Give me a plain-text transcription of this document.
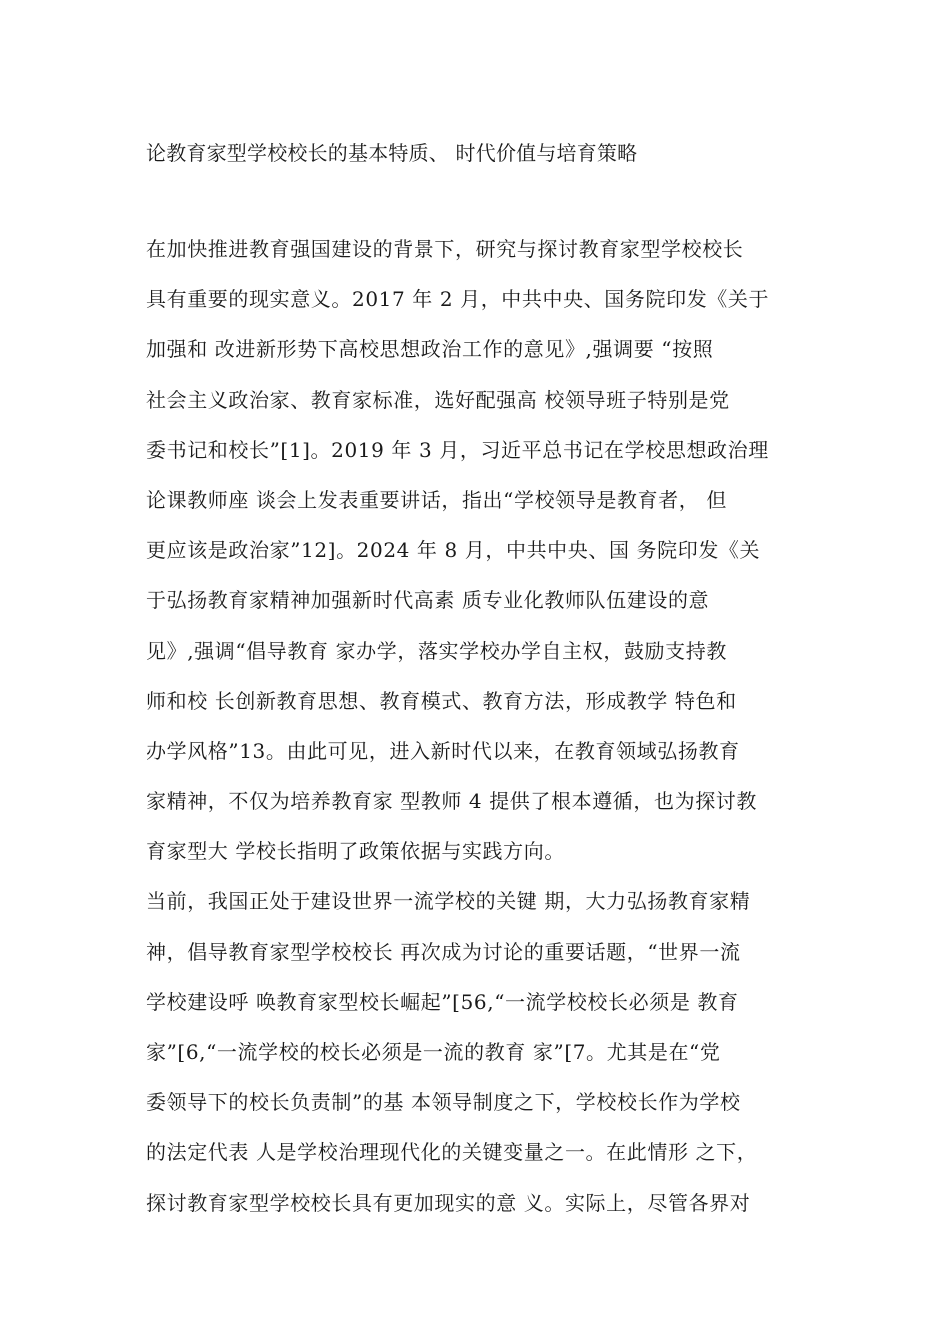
论教育家型学校校长的基本特质、 时代价值与培育策略
在加快推进教育强国建设的背景下，研究与探讨教育家型学校校长
具有重要的现实意义。2017 年 2 月，中共中央、国务院印发《关于
加强和 改进新形势下高校思想政治工作的意见》,强调要 “按照
社会主义政治家、教育家标准，选好配强高 校领导班子特别是党
委书记和校长”[1]。2019 年 3 月，习近平总书记在学校思想政治理
论课教师座 谈会上发表重要讲话，指出“学校领导是教育者， 但
更应该是政治家”12]。2024 年 8 月，中共中央、国 务院印发《关
于弘扬教育家精神加强新时代高素 质专业化教师队伍建设的意
见》,强调“倡导教育 家办学，落实学校办学自主权，鼓励支持教
师和校 长创新教育思想、教育模式、教育方法，形成教学 特色和
办学风格”13。由此可见，进入新时代以来，在教育领域弘扬教育
家精神，不仅为培养教育家 型教师 4 提供了根本遵循，也为探讨教
育家型大 学校长指明了政策依据与实践方向。
当前，我国正处于建设世界一流学校的关键 期，大力弘扬教育家精
神，倡导教育家型学校校长 再次成为讨论的重要话题，“世界一流
学校建设呼 唤教育家型校长崛起”[56,“一流学校校长必须是 教育
家”[6,“一流学校的校长必须是一流的教育 家”[7。尤其是在“党
委领导下的校长负责制”的基 本领导制度之下，学校校长作为学校
的法定代表 人是学校治理现代化的关键变量之一。在此情形 之下，
探讨教育家型学校校长具有更加现实的意 义。实际上，尽管各界对
